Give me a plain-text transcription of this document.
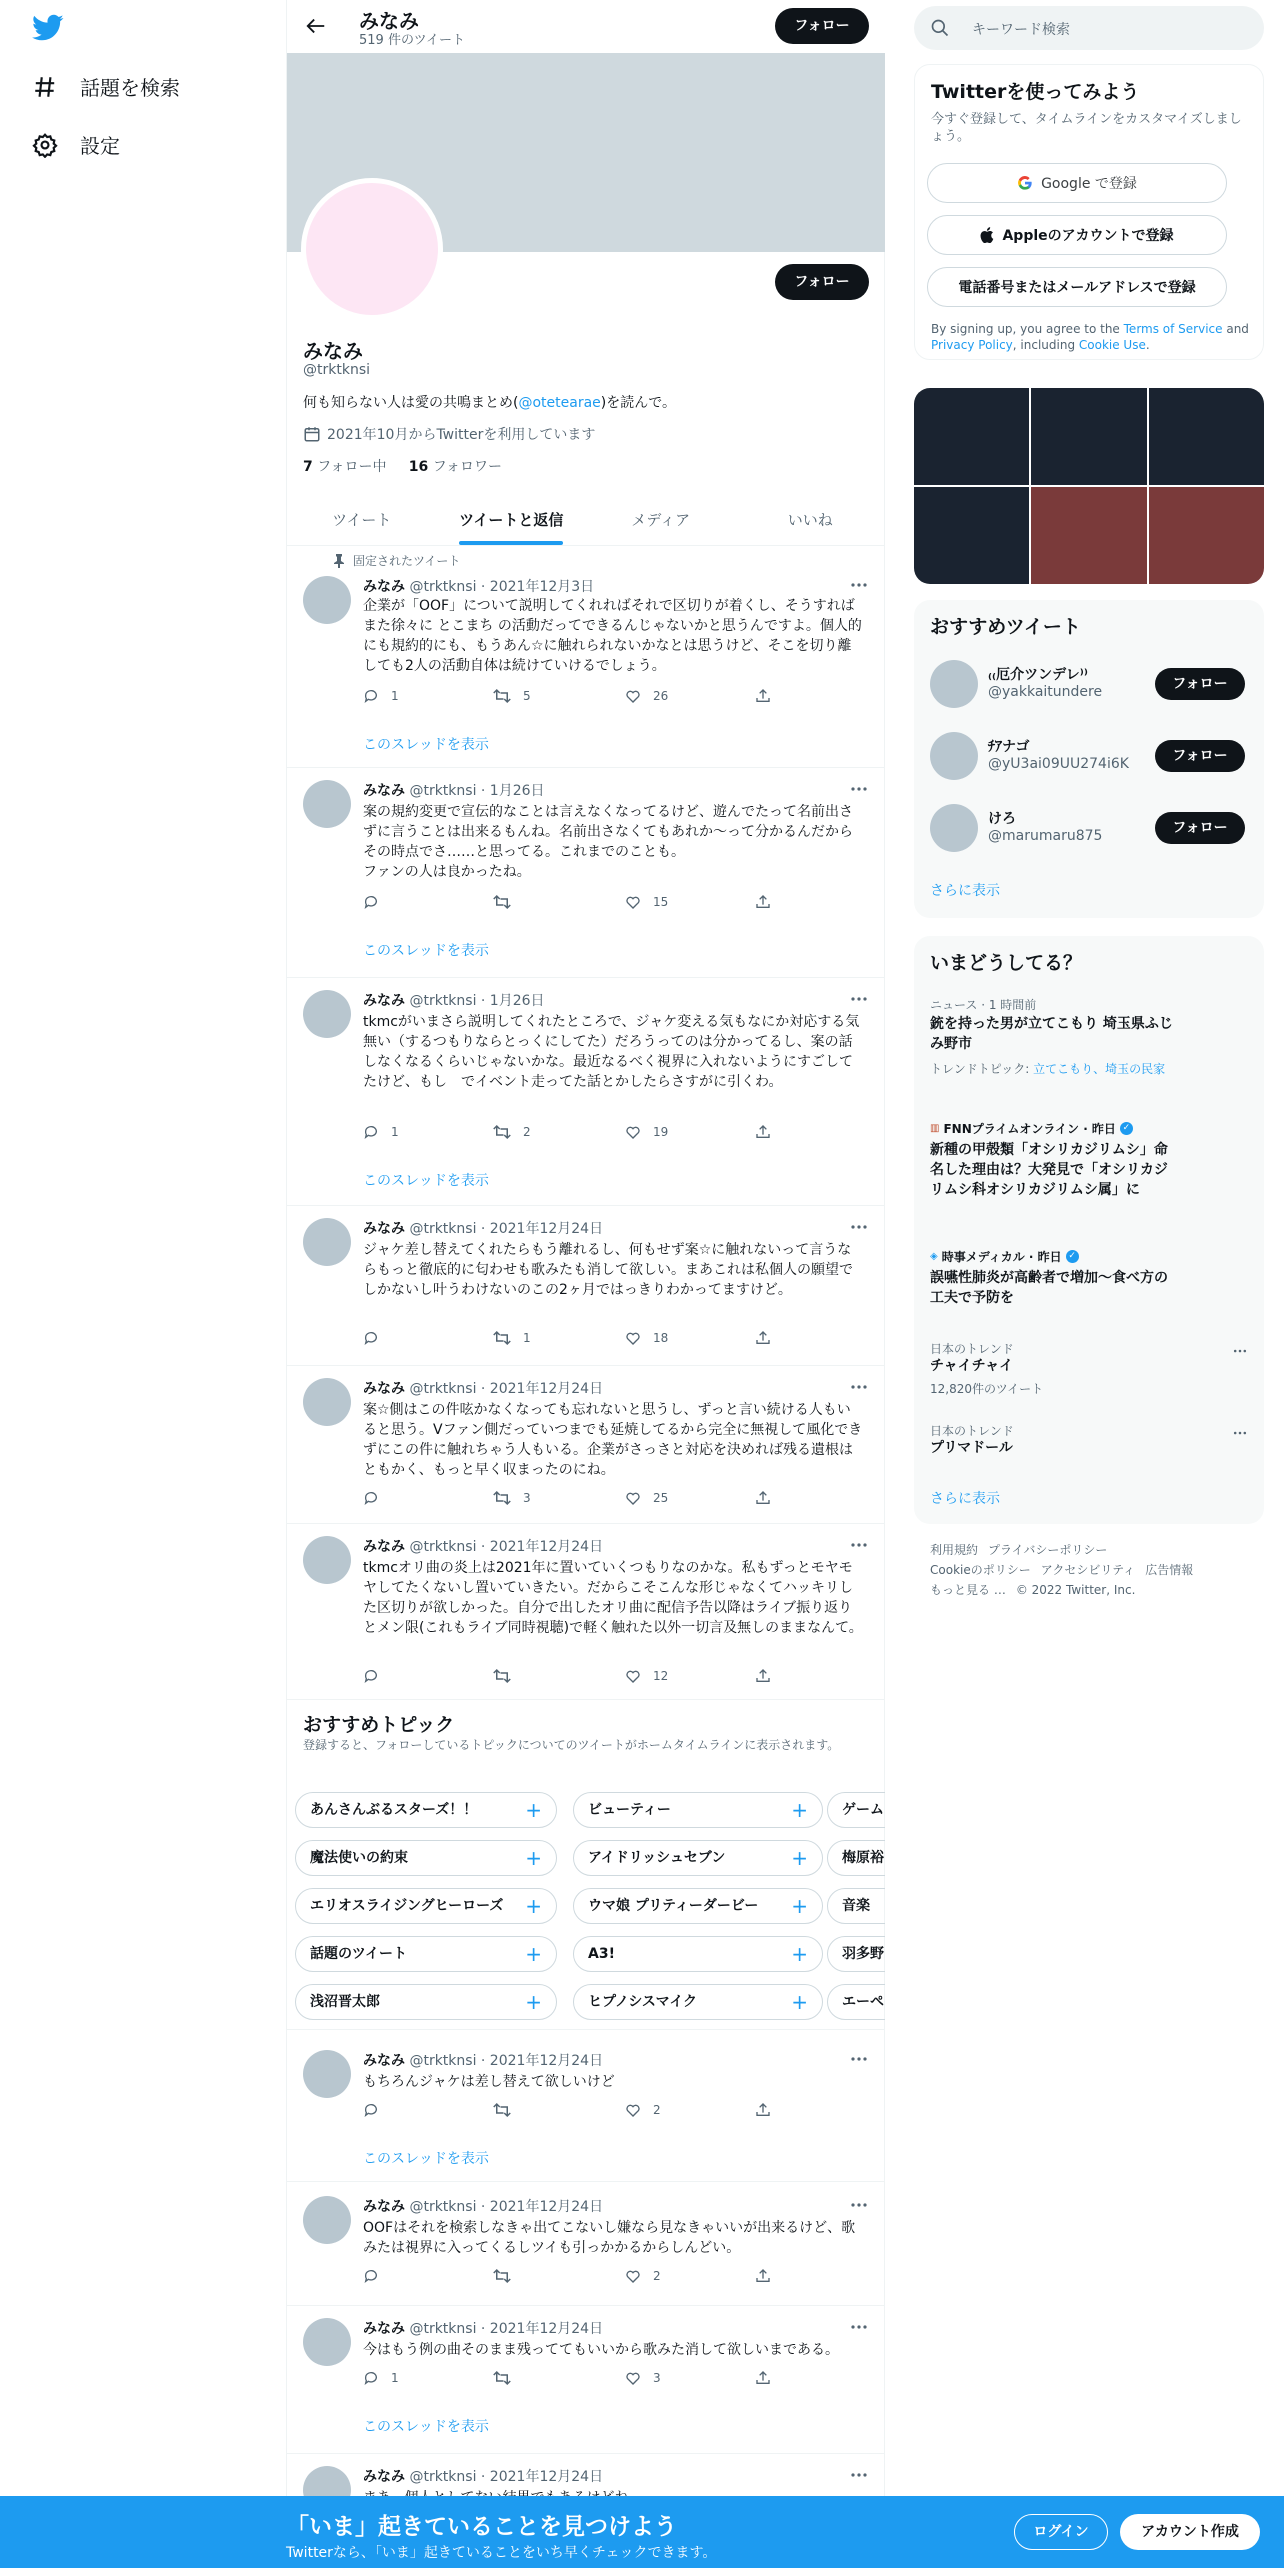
話題を検索
設定
みなみ
519 件のツイート
フォロー
フォロー
みなみ
@trktknsi
何も知らない人は愛の共鳴まとめ(@otetearae)を読んで。
2021年10月からTwitterを利用しています
7 フォロー中 16 フォロワー
ツイート	ツイートと返信	メディア	いいね
固定されたツイート
みなみ @trktknsi · 2021年12月3日
企業が「OOF」について説明してくれればそれで区切りが着くし、そうすればまた徐々に とこまち の活動だってできるんじゃないかと思うんですよ。個人的にも規約的にも、もうあん☆に触れられないかなとは思うけど、そこを切り離しても2人の活動自体は続けていけるでしょう。
1	5	26
このスレッドを表示
みなみ @trktknsi · 1月26日
案の規約変更で宣伝的なことは言えなくなってるけど、遊んでたって名前出さずに言うことは出来るもんね。名前出さなくてもあれか〜って分かるんだからその時点でさ……と思ってる。これまでのことも。
ファンの人は良かったね。
15
このスレッドを表示
みなみ @trktknsi · 1月26日
tkmcがいまさら説明してくれたところで、ジャケ変える気もなにか対応する気無い（するつもりならとっくにしてた）だろうってのは分かってるし、案の話しなくなるくらいじゃないかな。最近なるべく視界に入れないようにすごしてたけど、もし　でイベント走ってた話とかしたらさすがに引くわ。
1	2	19
このスレッドを表示
みなみ @trktknsi · 2021年12月24日
ジャケ差し替えてくれたらもう離れるし、何もせず案☆に触れないって言うならもっと徹底的に匂わせも歌みたも消して欲しい。まあこれは私個人の願望でしかないし叶うわけないのこの2ヶ月ではっきりわかってますけど。
1	18
みなみ @trktknsi · 2021年12月24日
案☆側はこの件呟かなくなっても忘れないと思うし、ずっと言い続ける人もいると思う。Vファン側だっていつまでも延焼してるから完全に無視して風化できずにこの件に触れちゃう人もいる。企業がさっさと対応を決めれば残る遺根はともかく、もっと早く収まったのにね。
3	25
みなみ @trktknsi · 2021年12月24日
tkmcオリ曲の炎上は2021年に置いていくつもりなのかな。私もずっとモヤモヤしてたくないし置いていきたい。だからこそこんな形じゃなくてハッキリした区切りが欲しかった。自分で出したオリ曲に配信予告以降はライブ振り返りとメン限(これもライブ同時視聴)で軽く触れた以外一切言及無しのままなんて。
12
おすすめトピック
登録すると、フォローしているトピックについてのツイートがホームタイムラインに表示されます。
あんさんぶるスターズ！！ +	ビューティー	+	ゲーム
魔法使いの約束	+	アイドリッシュセブン	+	梅原裕
エリオスライジングヒーローズ +	ウマ娘 プリティーダービー +	音楽
話題のツイート	+	A3!	+	羽多野
浅沼晋太郎	+	ヒプノシスマイク	+	エーペ
みなみ @trktknsi · 2021年12月24日
もちろんジャケは差し替えて欲しいけど
2
このスレッドを表示
みなみ @trktknsi · 2021年12月24日
OOFはそれを検索しなきゃ出てこないし嫌なら見なきゃいいが出来るけど、歌みたは視界に入ってくるしツイも引っかかるからしんどい。
2
みなみ @trktknsi · 2021年12月24日
今はもう例の曲そのまま残っててもいいから歌みた消して欲しいまである。
1	3
このスレッドを表示
みなみ @trktknsi · 2021年12月24日
キーワード検索
Twitterを使ってみよう
今すぐ登録して、タイムラインをカスタマイズしましょう。
Google で登録
Appleのアカウントで登録
電話番号またはメールアドレスで登録
By signing up, you agree to the Terms of Service and Privacy Policy, including Cookie Use.
おすすめツイート
₍₍厄介ツンデレ⁾⁾
@yakkaitundere	フォロー
ﾁｱナゴ
@yU3ai09UU274i6K	フォロー
けろ
@marumaru875	フォロー
さらに表示
いまどうしてる？
ニュース · 1 時間前
銃を持った男が立てこもり 埼玉県ふじみ野市
トレンドトピック: 立てこもり、埼玉の民家
▥ FNNプライムオンライン · 昨日 ✓
新種の甲殻類「オシリカジリムシ」命名した理由は？大発見で「オシリカジリムシ科オシリカジリムシ属」に
◈ 時事メディカル · 昨日 ✓
誤嚥性肺炎が高齢者で増加～食べ方の工夫で予防を
日本のトレンド
チャイチャイ
12,820件のツイート
日本のトレンド
プリマドール
さらに表示
利用規約 プライバシーポリシー
Cookieのポリシー アクセシビリティ 広告情報
もっと見る … © 2022 Twitter, Inc.
「いま」起きていることを見つけよう
Twitterなら、「いま」起きていることをいち早くチェックできます。
ログイン	アカウント作成
